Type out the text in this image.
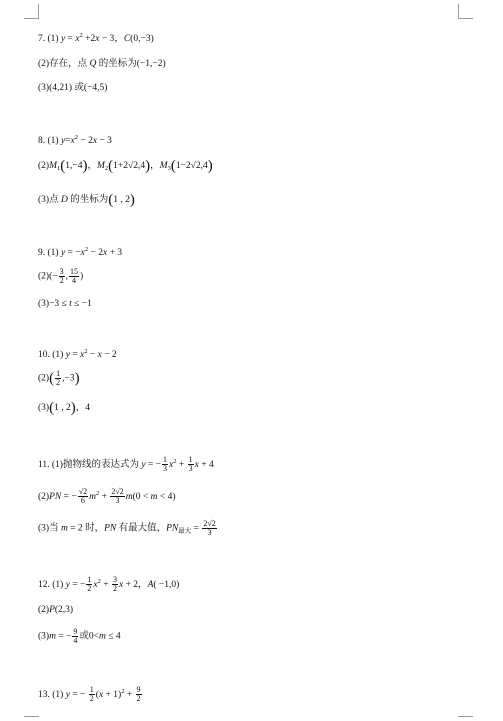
7. (1) $y = x^2 +2x - 3$，C(0,−3)
(2)存在，点 Q 的坐标为(−1,−2)
(3)(4,21) 或(−4,5)
8. (1) $y=x^2 - 2x - 3$
$(2)M_1(1,-4)$，$M_2(1+2√2,4)$，$M_3(1-2√2,4)$
(3)点 D 的坐标为(1 , 2)
9. (1) $y = -x^2 - 2x + 3$
$(2)(- \frac{3}{2}$ , $\frac{15}{4}$ )
(3)−3 ≤ t ≤ −1
10. (1) $y = x^2 - x - 2$
$(2)( \frac{1}{2} ,-3)$
(3)(1 , 2)，4
11. (1)抛物线的表达式为 y = − $\frac{1}{3} x^2 + \frac{1}{3}$ x + 4
(2)PN = − $\frac{√2}{6} m^2 + \frac{2√2}{3} m(0 < m < 4)$
(3)当 m = 2 时，PN 有最大值，$PN_{最大} = \frac{2√2}{3}$
12. (1) y = − $\frac{1}{2} x^2 + \frac{3}{2}$ x + 2，A( −1,0)
(2)P(2,3)
(3)m = − $\frac{9}{4}$ 或0<m ≤ 4
13. (1) y = − $\frac{1}{2} (x + 1)^2 + \frac{9}{2}$
